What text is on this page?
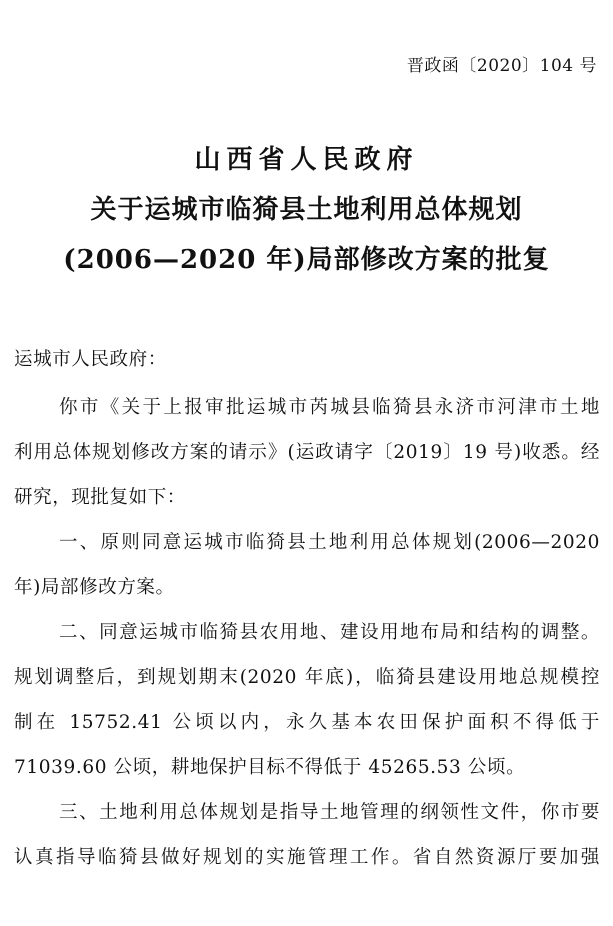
晋政函〔2020〕104 号
山西省人民政府
关于运城市临猗县土地利用总体规划
(2006—2020 年)局部修改方案的批复
运城市人民政府：
你市《关于上报审批运城市芮城县临猗县永济市河津市土地
利用总体规划修改方案的请示》(运政请字〔2019〕19 号)收悉。经
研究，现批复如下：
一、原则同意运城市临猗县土地利用总体规划(2006—2020
年)局部修改方案。
二、同意运城市临猗县农用地、建设用地布局和结构的调整。
规划调整后，到规划期末(2020 年底)，临猗县建设用地总规模控
制在 15752.41 公顷以内，永久基本农田保护面积不得低于
71039.60 公顷，耕地保护目标不得低于 45265.53 公顷。
三、土地利用总体规划是指导土地管理的纲领性文件，你市要
认真指导临猗县做好规划的实施管理工作。省自然资源厅要加强
